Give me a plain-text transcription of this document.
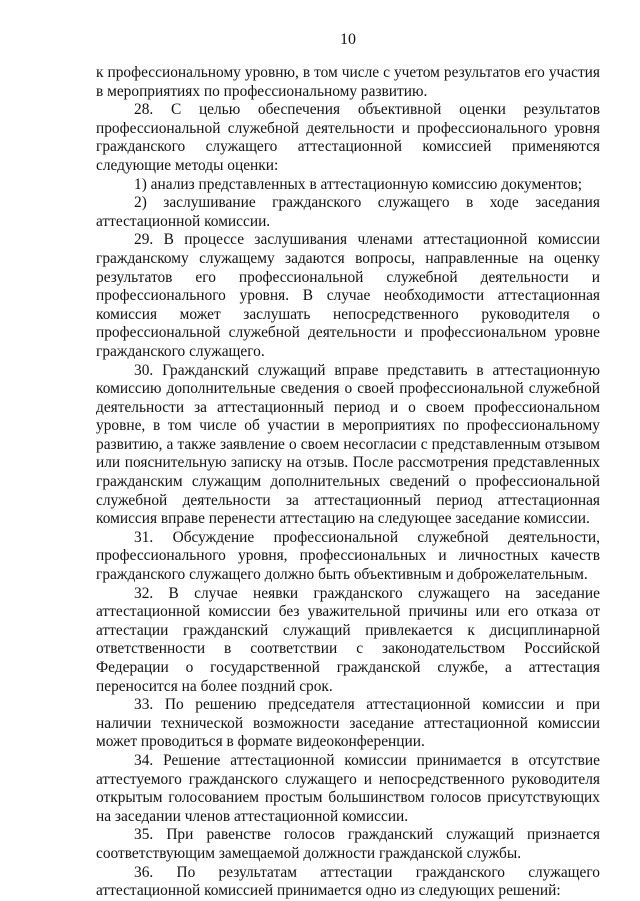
10

к профессиональному уровню, в том числе с учетом результатов его участия в мероприятиях по профессиональному развитию.

28. С целью обеспечения объективной оценки результатов профессиональной служебной деятельности и профессионального уровня гражданского служащего аттестационной комиссией применяются следующие методы оценки:

1) анализ представленных в аттестационную комиссию документов;

2) заслушивание гражданского служащего в ходе заседания аттестационной комиссии.

29. В процессе заслушивания членами аттестационной комиссии гражданскому служащему задаются вопросы, направленные на оценку результатов его профессиональной служебной деятельности и профессионального уровня. В случае необходимости аттестационная комиссия может заслушать непосредственного руководителя о профессиональной служебной деятельности и профессиональном уровне гражданского служащего.

30. Гражданский служащий вправе представить в аттестационную комиссию дополнительные сведения о своей профессиональной служебной деятельности за аттестационный период и о своем профессиональном уровне, в том числе об участии в мероприятиях по профессиональному развитию, а также заявление о своем несогласии с представленным отзывом или пояснительную записку на отзыв. После рассмотрения представленных гражданским служащим дополнительных сведений о профессиональной служебной деятельности за аттестационный период аттестационная комиссия вправе перенести аттестацию на следующее заседание комиссии.

31. Обсуждение профессиональной служебной деятельности, профессионального уровня, профессиональных и личностных качеств гражданского служащего должно быть объективным и доброжелательным.

32. В случае неявки гражданского служащего на заседание аттестационной комиссии без уважительной причины или его отказа от аттестации гражданский служащий привлекается к дисциплинарной ответственности в соответствии с законодательством Российской Федерации о государственной гражданской службе, а аттестация переносится на более поздний срок.

33. По решению председателя аттестационной комиссии и при наличии технической возможности заседание аттестационной комиссии может проводиться в формате видеоконференции.

34. Решение аттестационной комиссии принимается в отсутствие аттестуемого гражданского служащего и непосредственного руководителя открытым голосованием простым большинством голосов присутствующих на заседании членов аттестационной комиссии.

35. При равенстве голосов гражданский служащий признается соответствующим замещаемой должности гражданской службы.

36. По результатам аттестации гражданского служащего аттестационной комиссией принимается одно из следующих решений:
